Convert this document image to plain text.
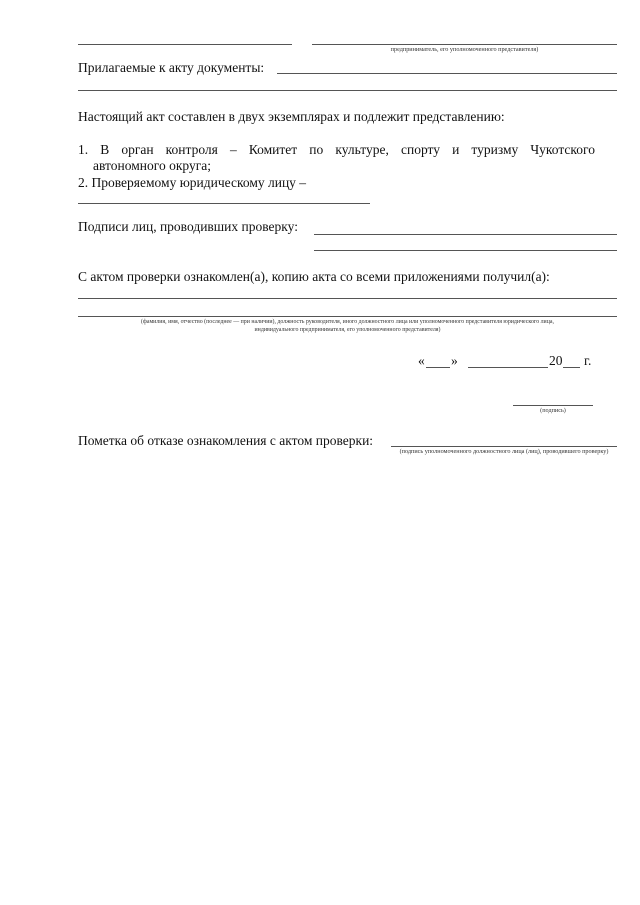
предприниматель, его уполномоченного представителя)
Прилагаемые к акту документы:
Настоящий акт составлен в двух экземплярах и подлежит представлению:
1. В орган контроля – Комитет по культуре, спорту и туризму Чукотского
автономного округа;
2. Проверяемому юридическому лицу –
Подписи лиц, проводивших проверку:
С актом проверки ознакомлен(а), копию акта со всеми приложениями получил(а):
(фамилия, имя, отчество (последнее — при наличии), должность руководителя, иного должностного лица или уполномоченного представителя юридического лица,
индивидуального предпринимателя, его уполномоченного представителя)
« »	20 г.
(подпись)
Пометка об отказе ознакомления с актом проверки:
(подпись уполномоченного должностного лица (лиц), проводившего проверку)
